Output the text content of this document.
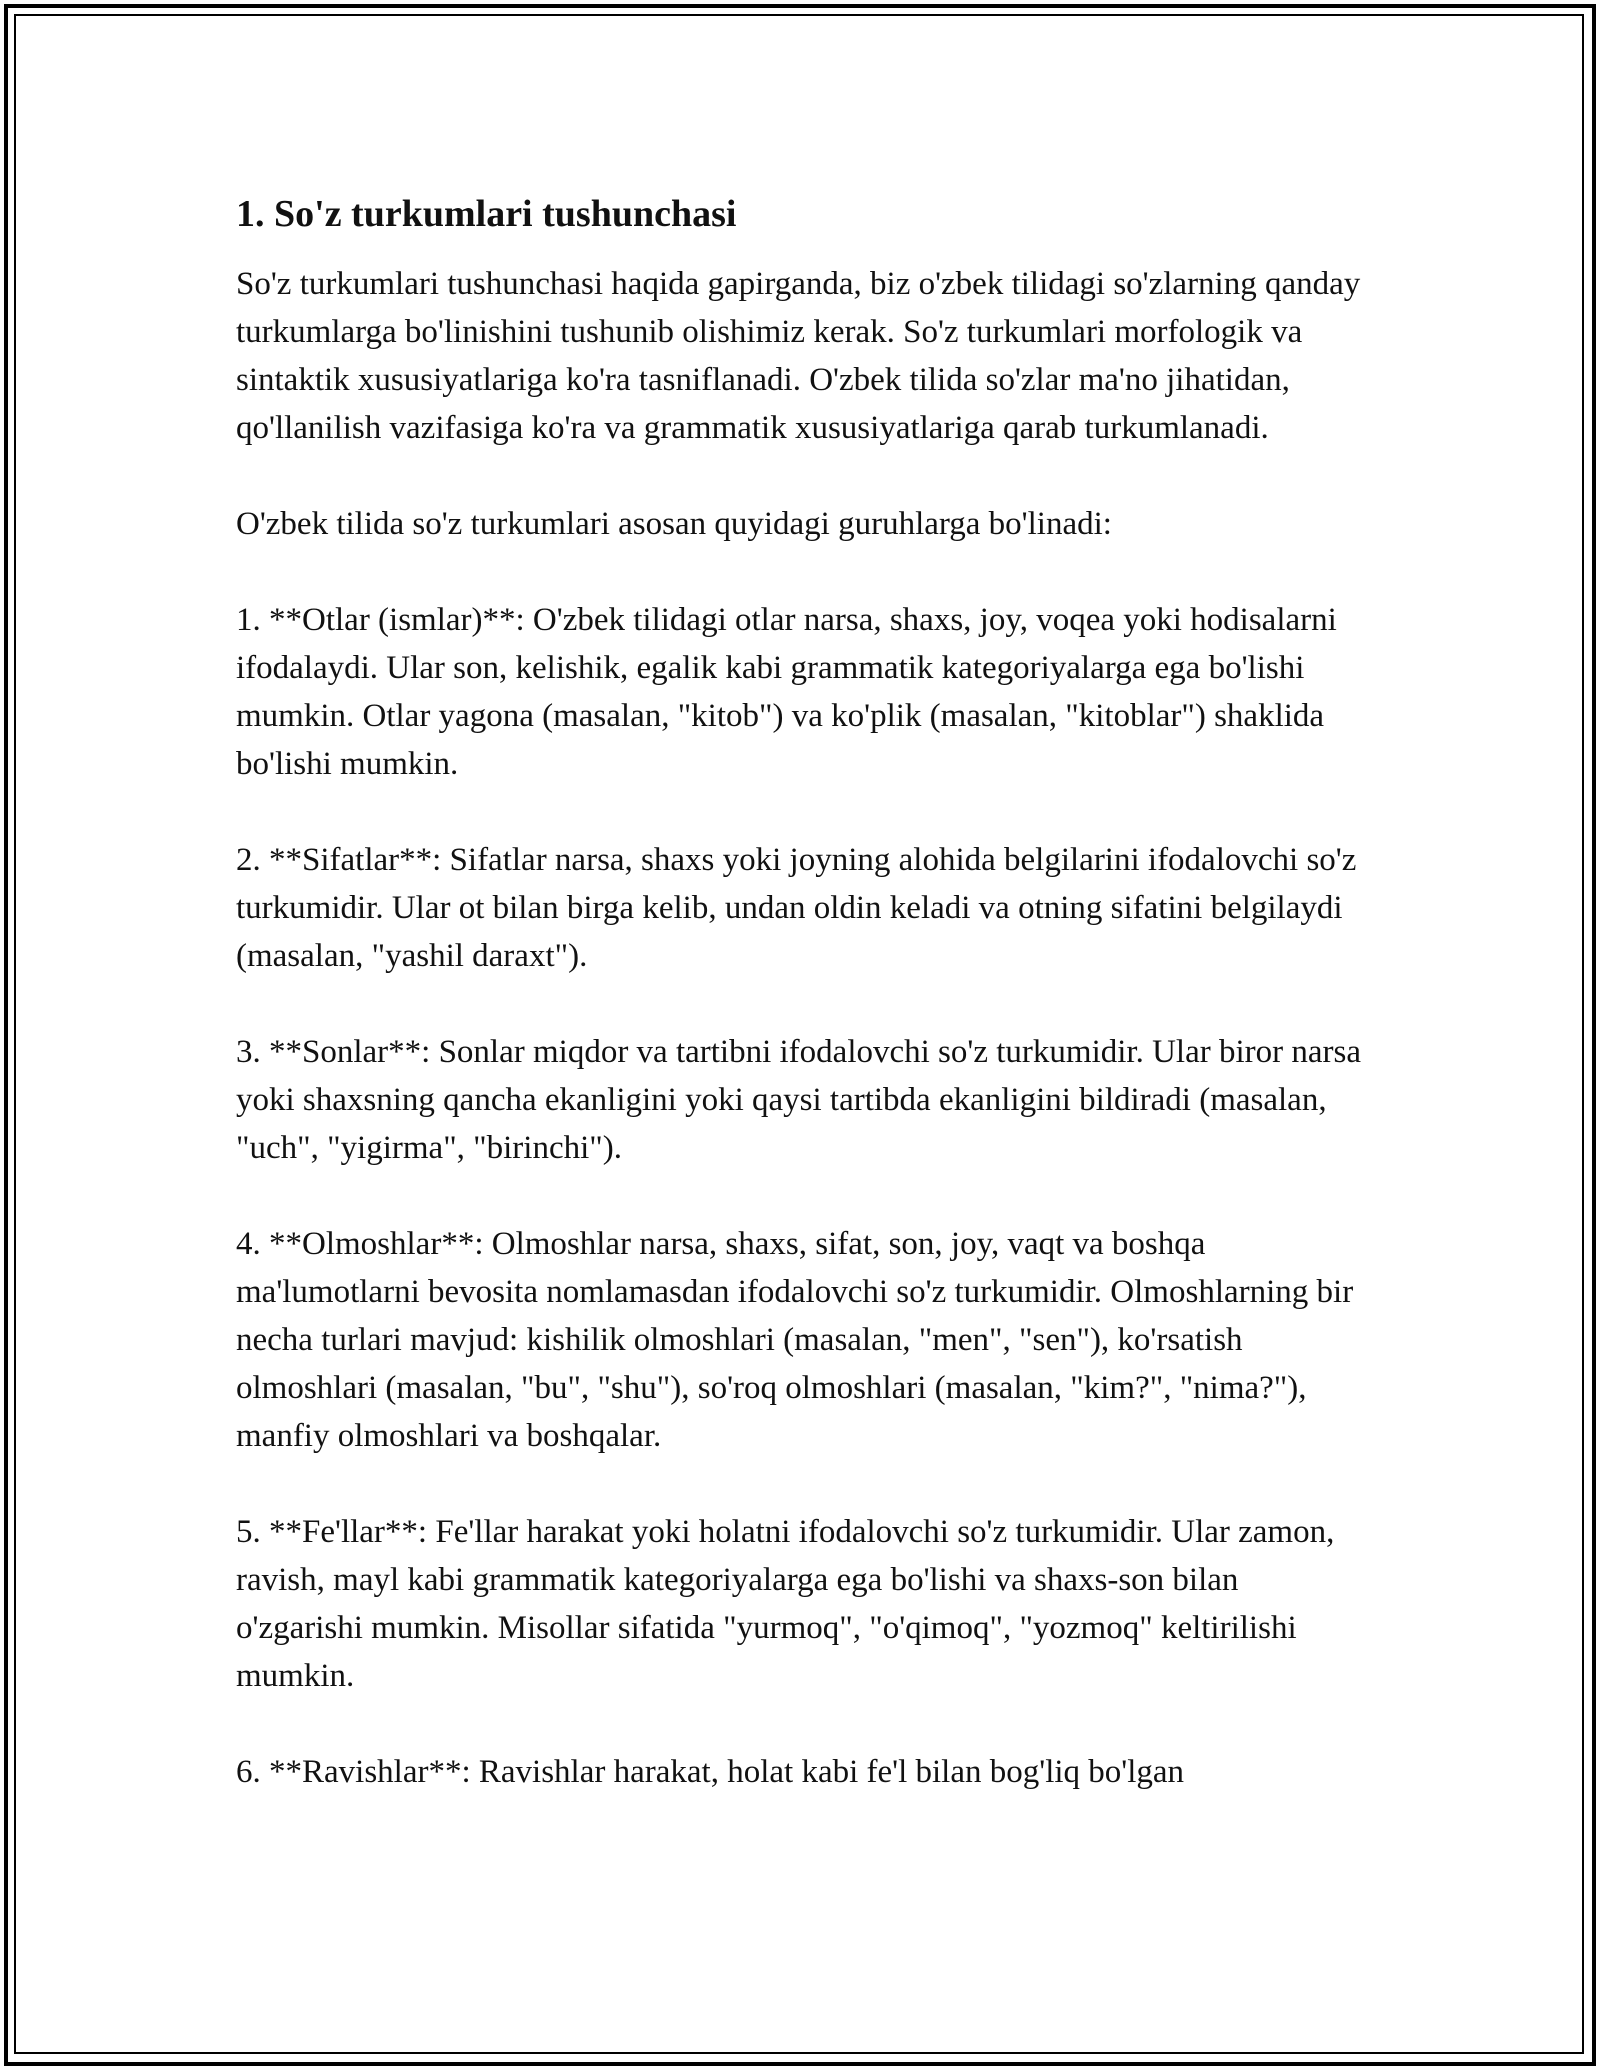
1. So'z turkumlari tushunchasi

So'z turkumlari tushunchasi haqida gapirganda, biz o'zbek tilidagi so'zlarning qanday turkumlarga bo'linishini tushunib olishimiz kerak. So'z turkumlari morfologik va sintaktik xususiyatlariga ko'ra tasniflanadi. O'zbek tilida so'zlar ma'no jihatidan, qo'llanilish vazifasiga ko'ra va grammatik xususiyatlariga qarab turkumlanadi.

O'zbek tilida so'z turkumlari asosan quyidagi guruhlarga bo'linadi:

1. **Otlar (ismlar)**: O'zbek tilidagi otlar narsa, shaxs, joy, voqea yoki hodisalarni ifodalaydi. Ular son, kelishik, egalik kabi grammatik kategoriyalarga ega bo'lishi mumkin. Otlar yagona (masalan, "kitob") va ko'plik (masalan, "kitoblar") shaklida bo'lishi mumkin.

2. **Sifatlar**: Sifatlar narsa, shaxs yoki joyning alohida belgilarini ifodalovchi so'z turkumidir. Ular ot bilan birga kelib, undan oldin keladi va otning sifatini belgilaydi (masalan, "yashil daraxt").

3. **Sonlar**: Sonlar miqdor va tartibni ifodalovchi so'z turkumidir. Ular biror narsa yoki shaxsning qancha ekanligini yoki qaysi tartibda ekanligini bildiradi (masalan, "uch", "yigirma", "birinchi").

4. **Olmoshlar**: Olmoshlar narsa, shaxs, sifat, son, joy, vaqt va boshqa ma'lumotlarni bevosita nomlamasdan ifodalovchi so'z turkumidir. Olmoshlarning bir necha turlari mavjud: kishilik olmoshlari (masalan, "men", "sen"), ko'rsatish olmoshlari (masalan, "bu", "shu"), so'roq olmoshlari (masalan, "kim?", "nima?"), manfiy olmoshlari va boshqalar.

5. **Fe'llar**: Fe'llar harakat yoki holatni ifodalovchi so'z turkumidir. Ular zamon, ravish, mayl kabi grammatik kategoriyalarga ega bo'lishi va shaxs-son bilan o'zgarishi mumkin. Misollar sifatida "yurmoq", "o'qimoq", "yozmoq" keltirilishi mumkin.

6. **Ravishlar**: Ravishlar harakat, holat kabi fe'l bilan bog'liq bo'lgan
